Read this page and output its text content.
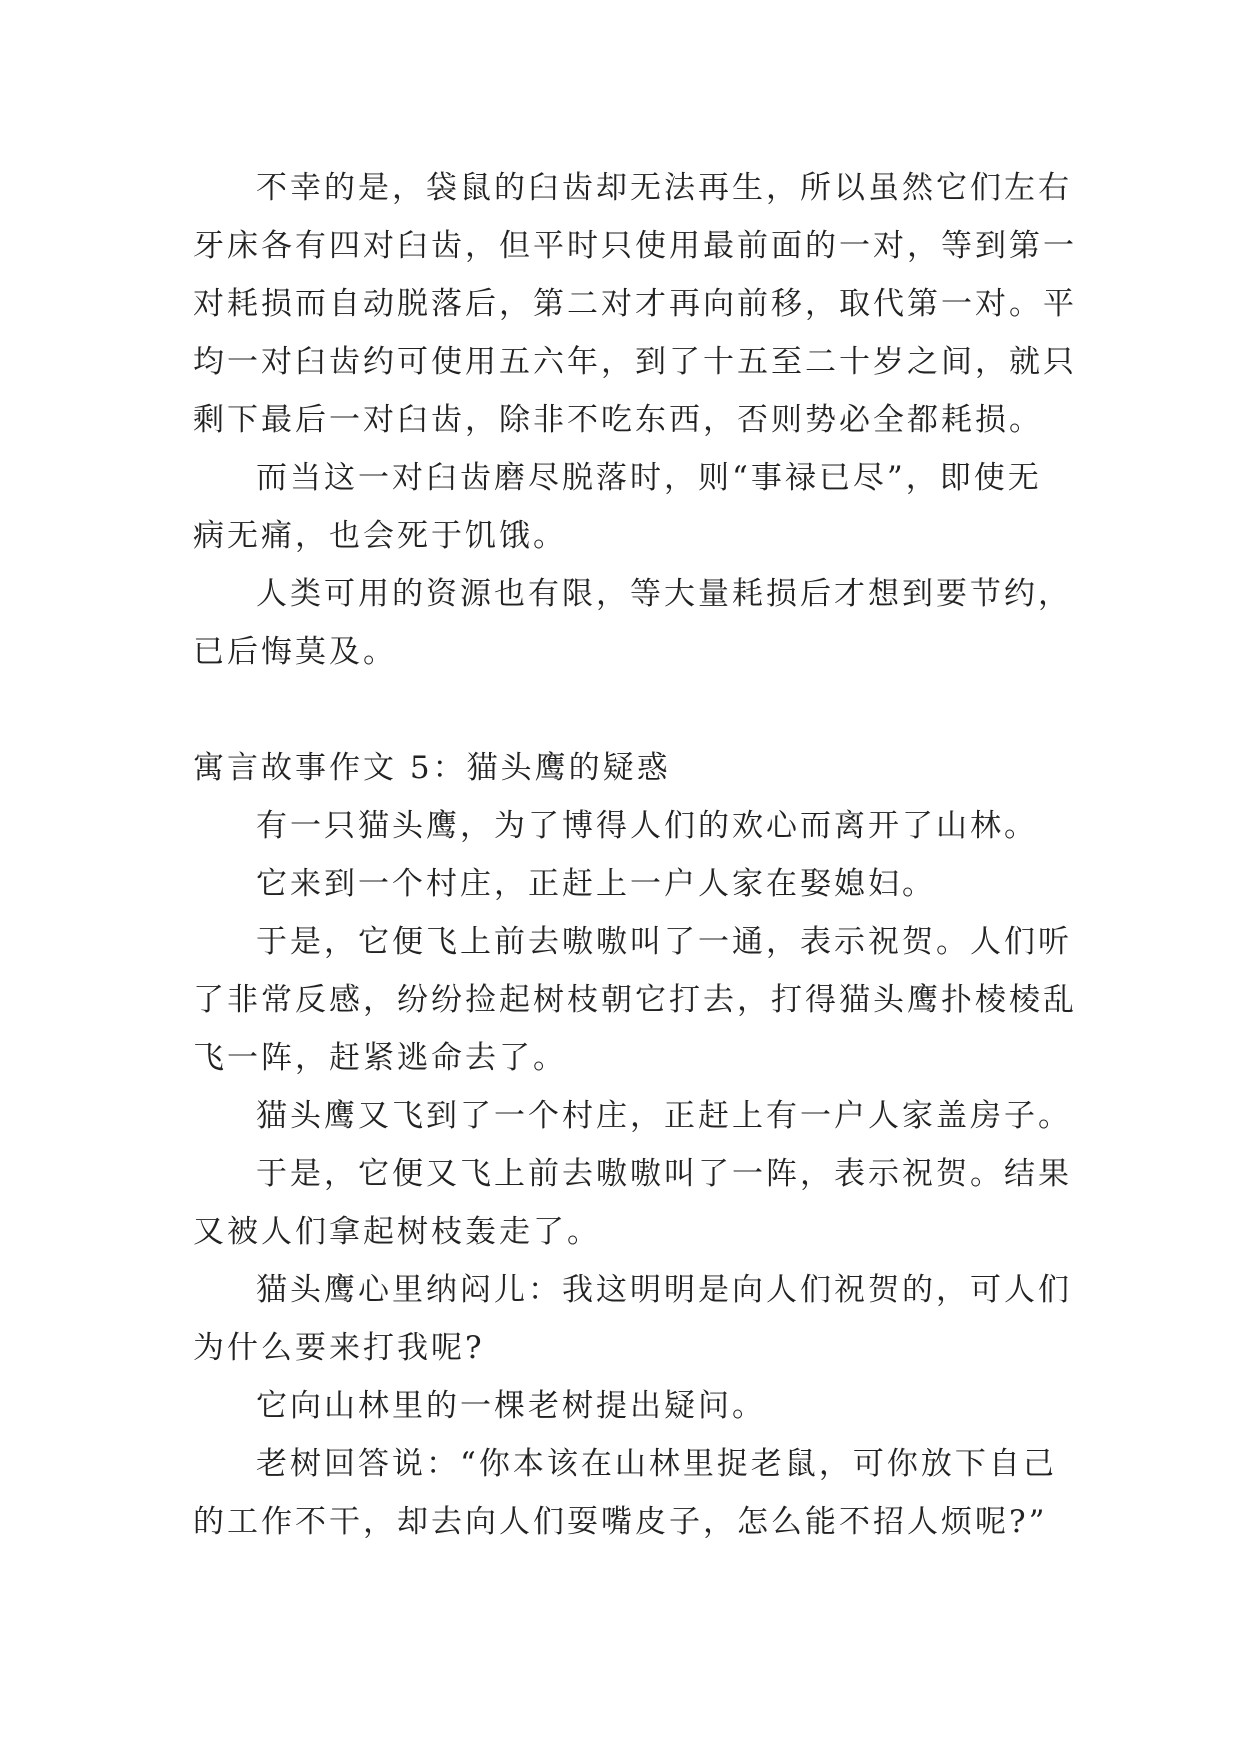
不幸的是，袋鼠的臼齿却无法再生，所以虽然它们左右
牙床各有四对臼齿，但平时只使用最前面的一对，等到第一
对耗损而自动脱落后，第二对才再向前移，取代第一对。平
均一对臼齿约可使用五六年，到了十五至二十岁之间，就只
剩下最后一对臼齿，除非不吃东西，否则势必全都耗损。
而当这一对臼齿磨尽脱落时，则“事禄已尽”，即使无
病无痛，也会死于饥饿。
人类可用的资源也有限，等大量耗损后才想到要节约，
已后悔莫及。
寓言故事作文 5：猫头鹰的疑惑
有一只猫头鹰，为了博得人们的欢心而离开了山林。
它来到一个村庄，正赶上一户人家在娶媳妇。
于是，它便飞上前去嗷嗷叫了一通，表示祝贺。人们听
了非常反感，纷纷捡起树枝朝它打去，打得猫头鹰扑棱棱乱
飞一阵，赶紧逃命去了。
猫头鹰又飞到了一个村庄，正赶上有一户人家盖房子。
于是，它便又飞上前去嗷嗷叫了一阵，表示祝贺。结果
又被人们拿起树枝轰走了。
猫头鹰心里纳闷儿：我这明明是向人们祝贺的，可人们
为什么要来打我呢?
它向山林里的一棵老树提出疑问。
老树回答说：“你本该在山林里捉老鼠，可你放下自己
的工作不干，却去向人们耍嘴皮子，怎么能不招人烦呢?”
